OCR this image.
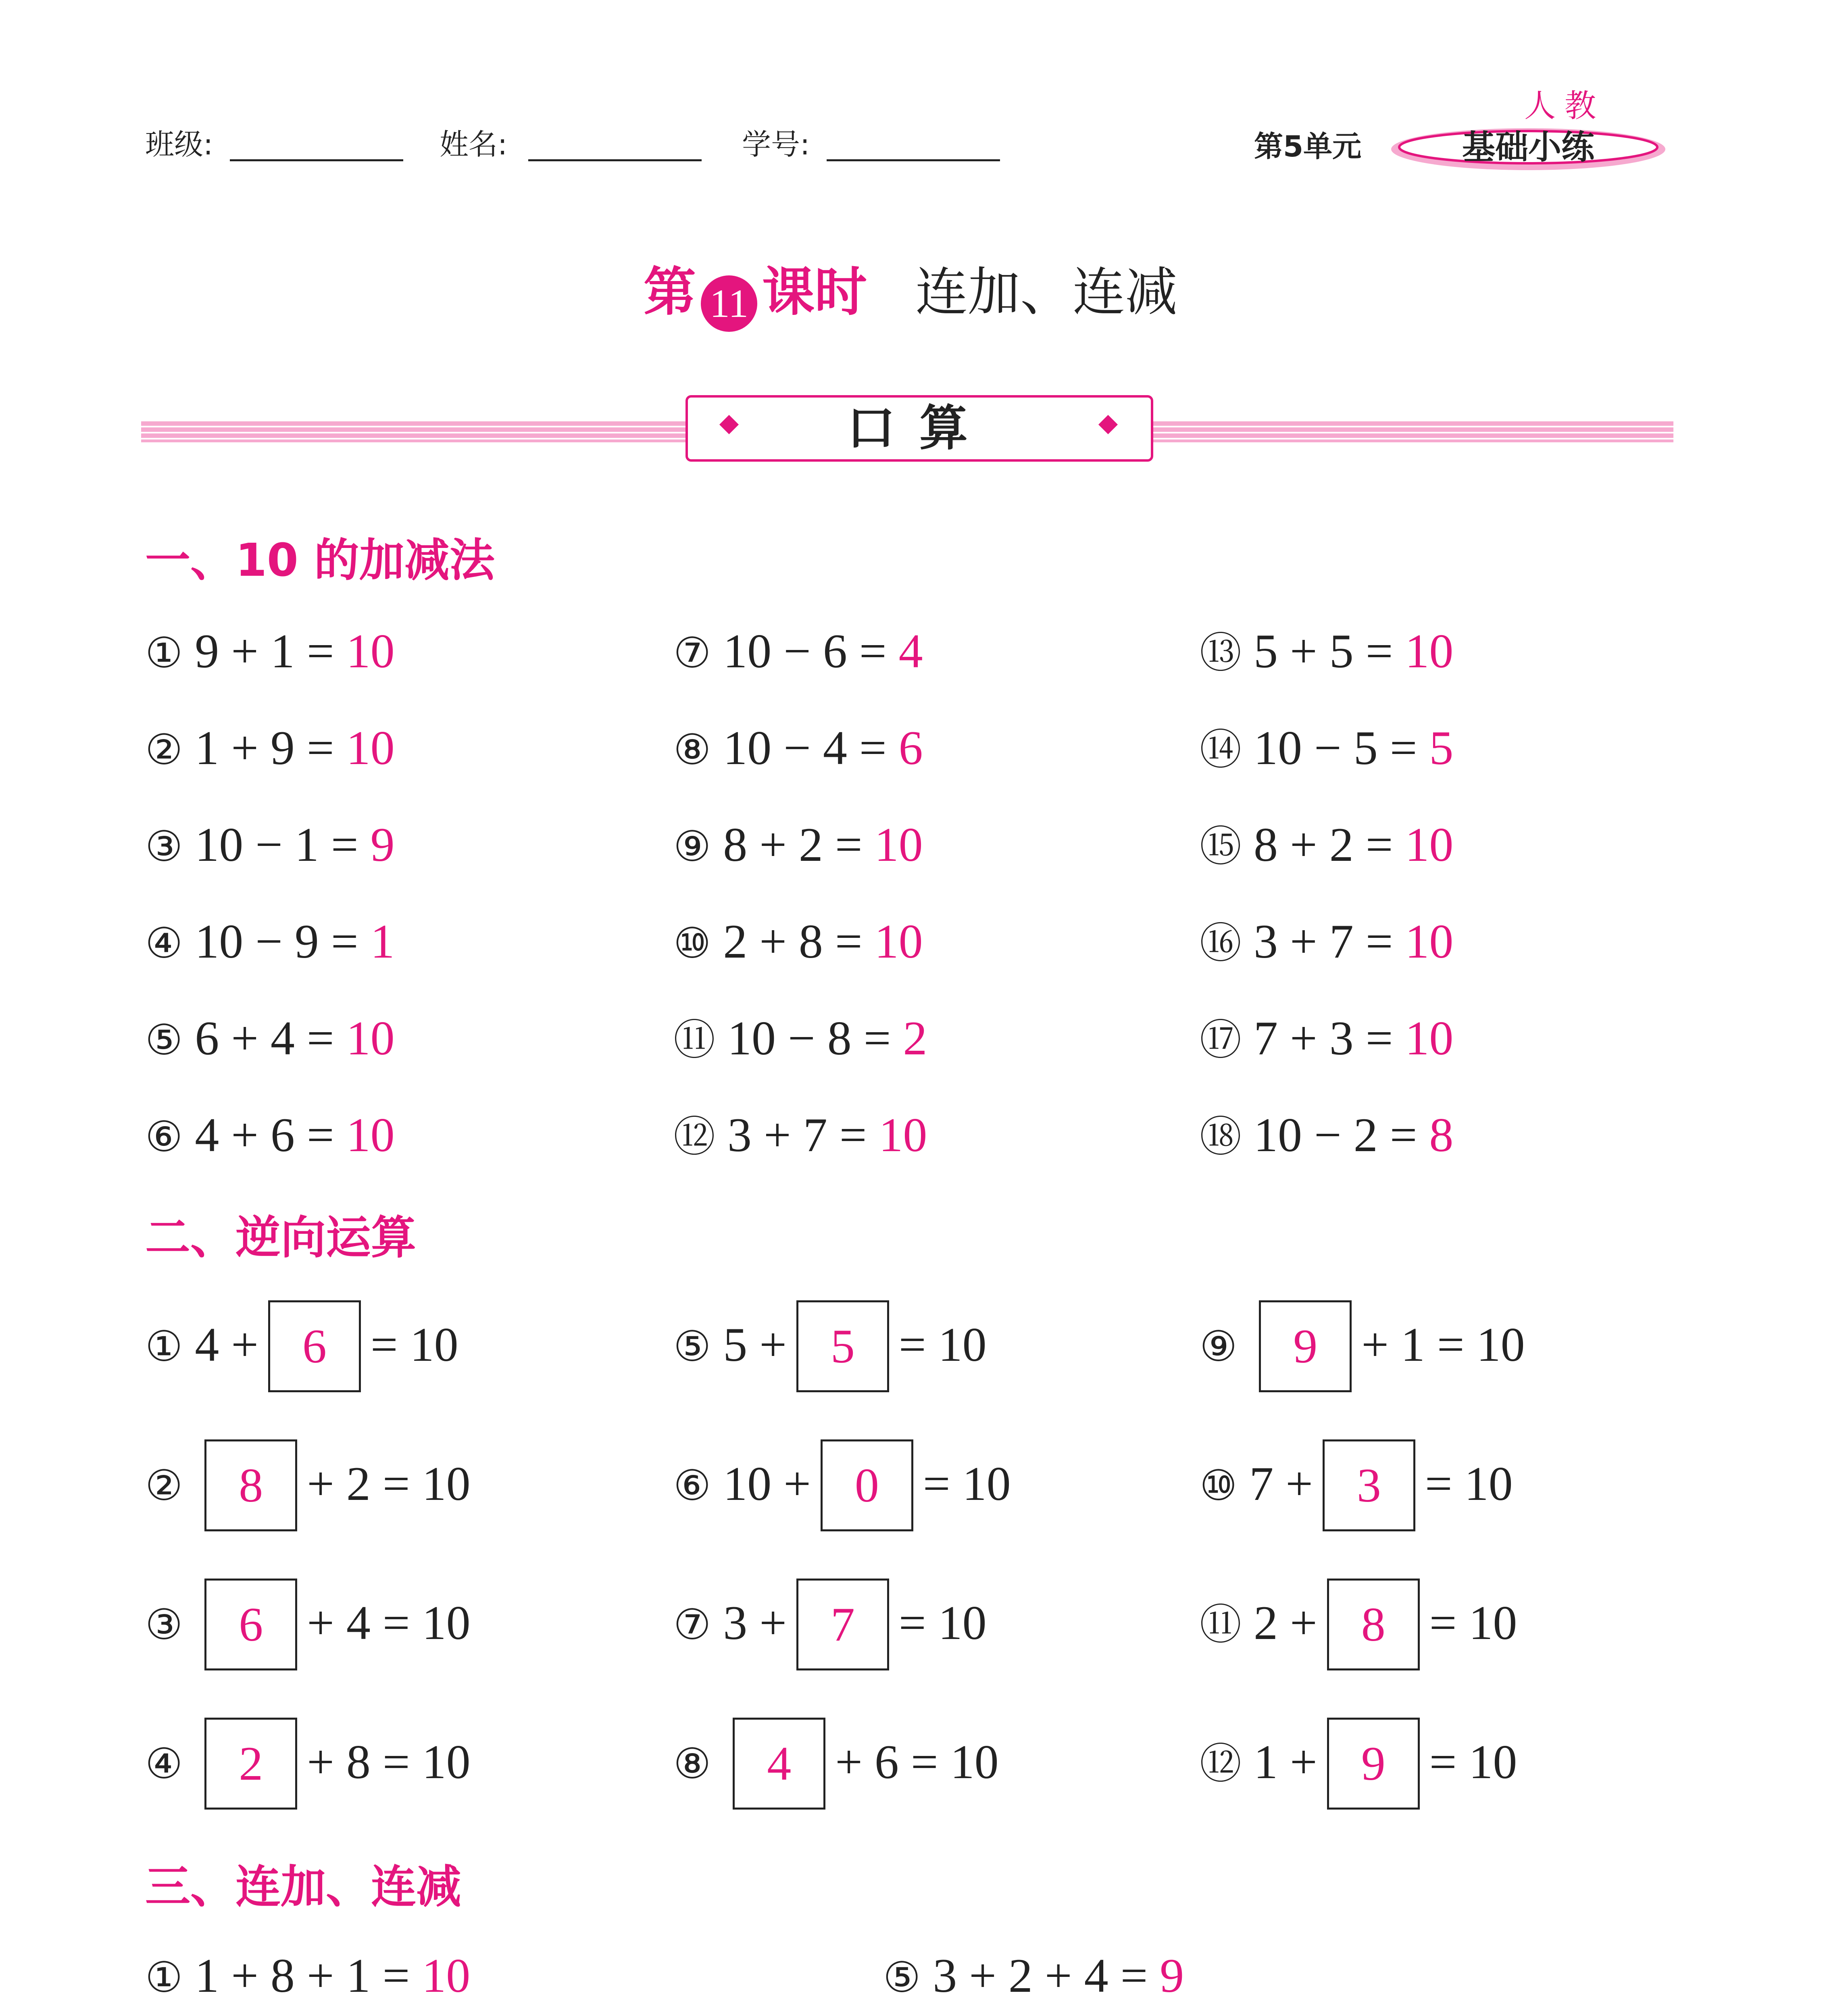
班级:	姓名:	学号:	第5单元
人教
基础小练
第 11 课时 连加、连减
口算
一、10 的加减法
① 9 + 1 = 10
② 1 + 9 = 10
③ 10 − 1 = 9
④ 10 − 9 = 1
⑤ 6 + 4 = 10
⑥ 4 + 6 = 10
⑦ 10 − 6 = 4
⑧ 10 − 4 = 6
⑨ 8 + 2 = 10
⑩ 2 + 8 = 10
⑪ 10 − 8 = 2
⑫ 3 + 7 = 10
⑬ 5 + 5 = 10
⑭ 10 − 5 = 5
⑮ 8 + 2 = 10
⑯ 3 + 7 = 10
⑰ 7 + 3 = 10
⑱ 10 − 2 = 8
二、逆向运算
① 4 + 6 = 10
② 8 + 2 = 10
③ 6 + 4 = 10
④ 2 + 8 = 10
⑤ 5 + 5 = 10
⑥ 10 + 0 = 10
⑦ 3 + 7 = 10
⑧ 4 + 6 = 10
⑨ 9 + 1 = 10
⑩ 7 + 3 = 10
⑪ 2 + 8 = 10
⑫ 1 + 9 = 10
三、连加、连减
① 1 + 8 + 1 = 10	⑤ 3 + 2 + 4 = 9
